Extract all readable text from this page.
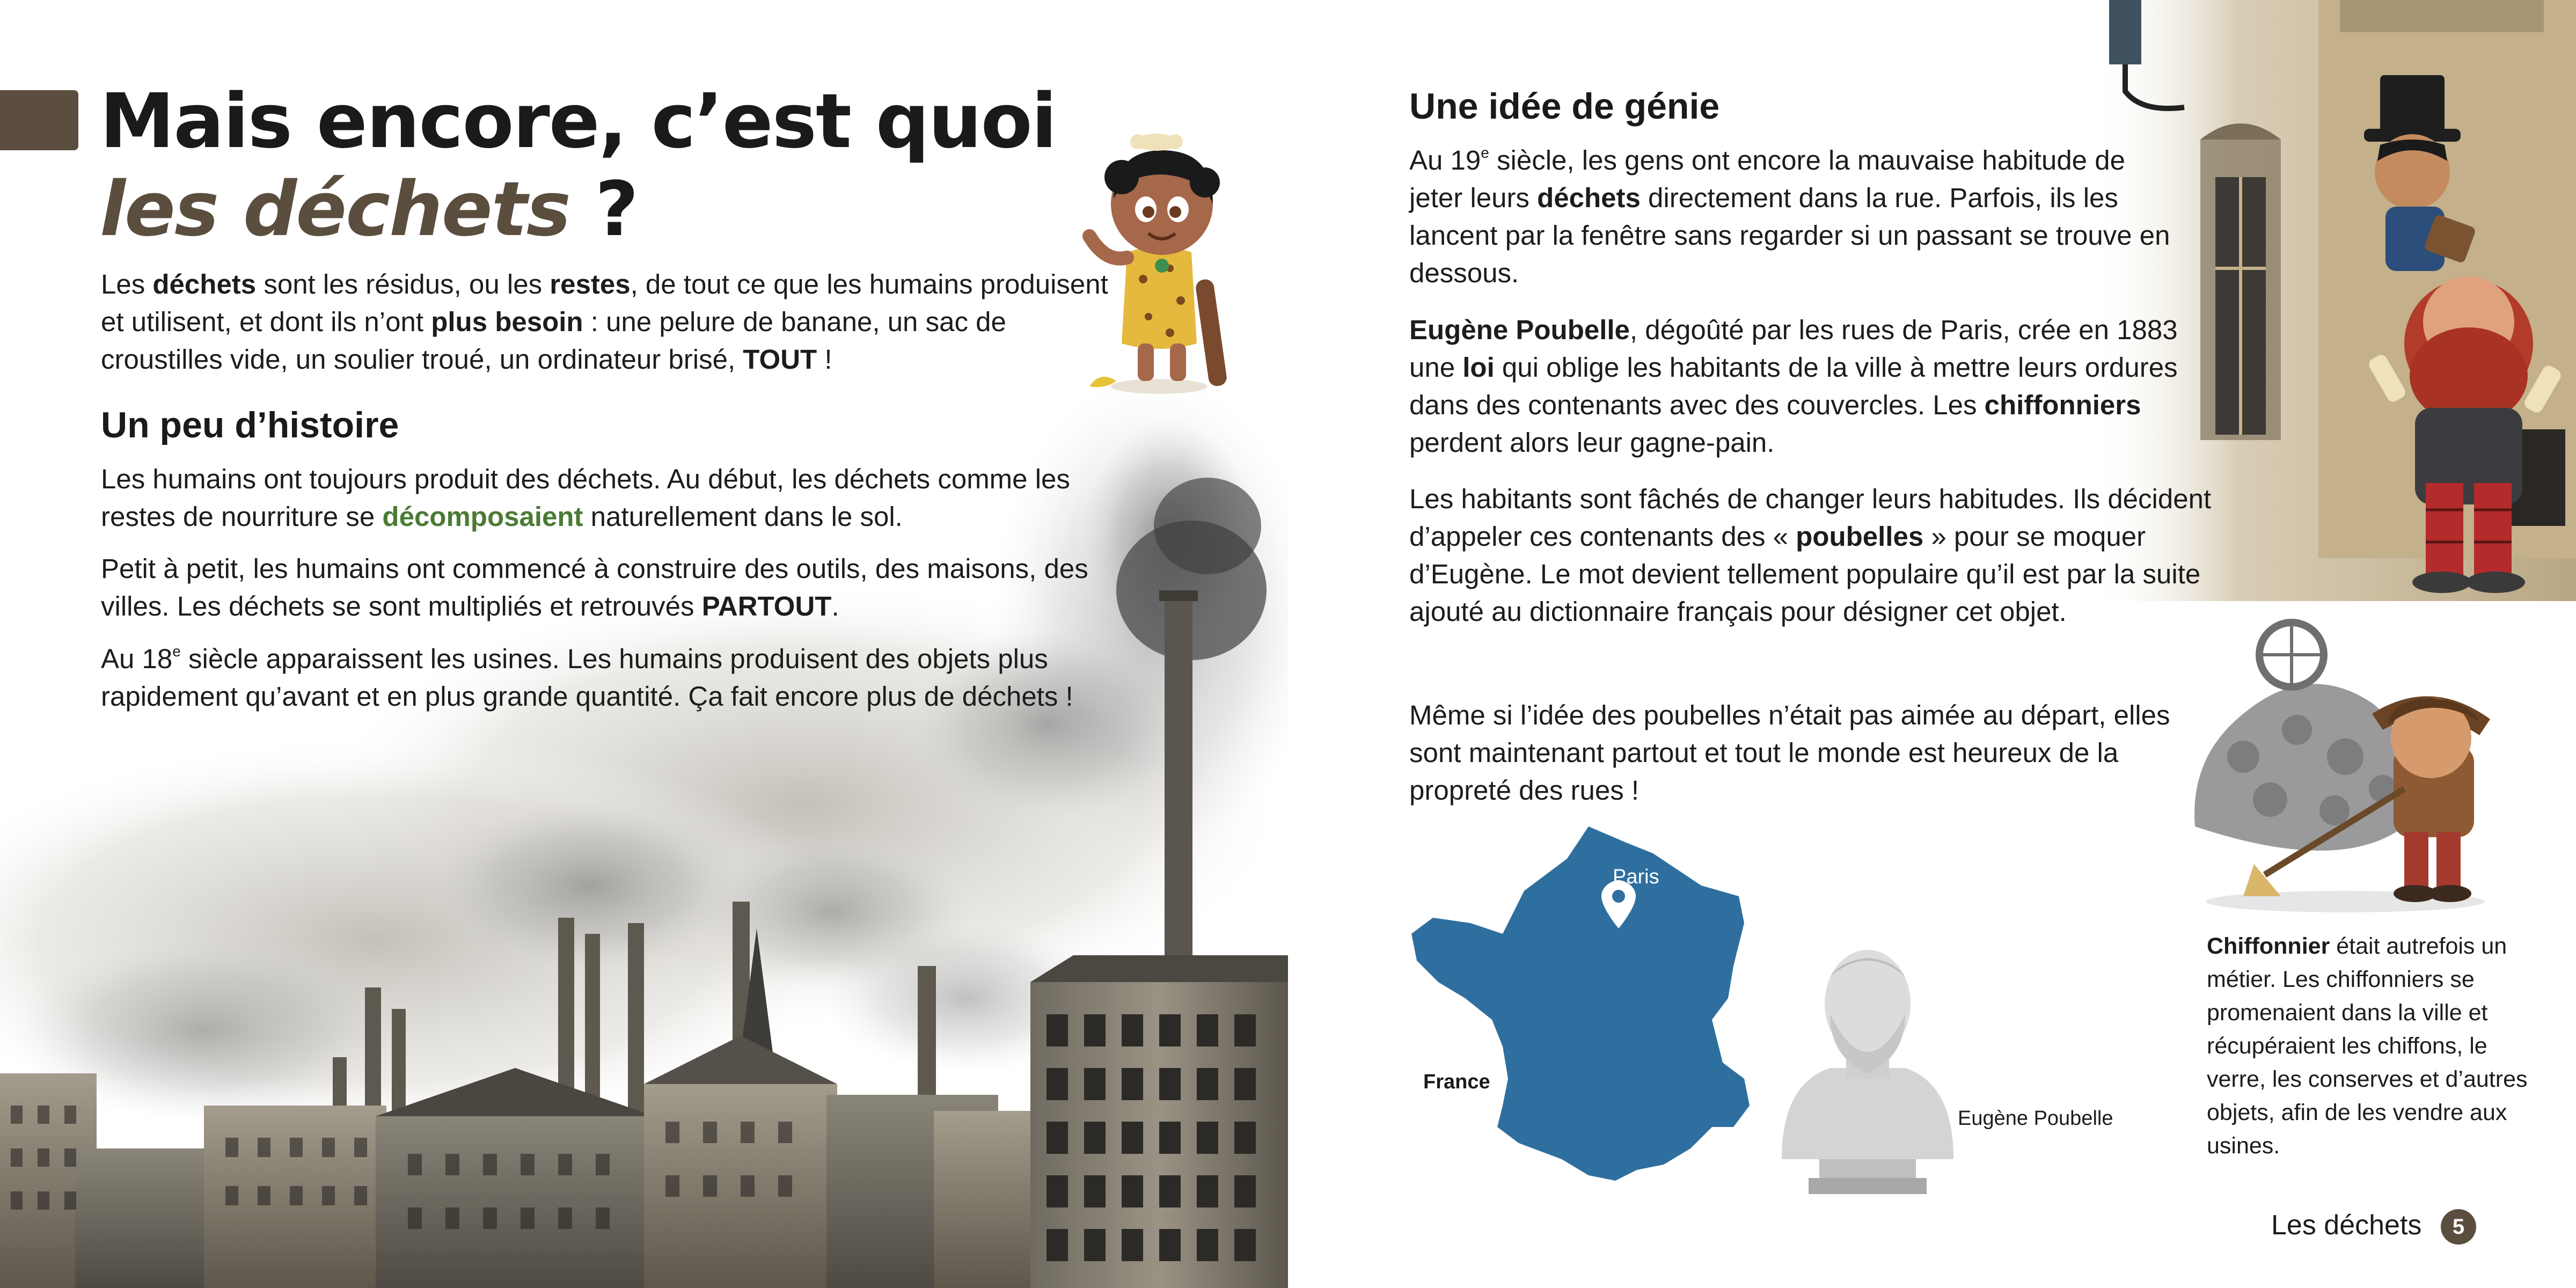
Mais encore, c’est quoi
les déchets ?

Les déchets sont les résidus, ou les restes, de tout ce que les humains produisent et utilisent, et dont ils n’ont plus besoin : une pelure de banane, un sac de croustilles vide, un soulier troué, un ordinateur brisé, TOUT !

Un peu d’histoire

Les humains ont toujours produit des déchets. Au début, les déchets comme les restes de nourriture se décomposaient naturellement dans le sol.

Petit à petit, les humains ont commencé à construire des outils, des maisons, des villes. Les déchets se sont multipliés et retrouvés PARTOUT.

Au 18e siècle apparaissent les usines. Les humains produisent des objets plus rapidement qu’avant et en plus grande quantité. Ça fait encore plus de déchets !

Une idée de génie

Au 19e siècle, les gens ont encore la mauvaise habitude de jeter leurs déchets directement dans la rue. Parfois, ils les lancent par la fenêtre sans regarder si un passant se trouve en dessous.

Eugène Poubelle, dégoûté par les rues de Paris, crée en 1883 une loi qui oblige les habitants de la ville à mettre leurs ordures dans des contenants avec des couvercles. Les chiffonniers perdent alors leur gagne-pain.

Les habitants sont fâchés de changer leurs habitudes. Ils décident d’appeler ces contenants des « poubelles » pour se moquer d’Eugène. Le mot devient tellement populaire qu’il est par la suite ajouté au dictionnaire français pour désigner cet objet.

Même si l’idée des poubelles n’était pas aimée au départ, elles sont maintenant partout et tout le monde est heureux de la propreté des rues !

Paris
France
Eugène Poubelle

Chiffonnier était autrefois un métier. Les chiffonniers se promenaient dans la ville et récupéraient les chiffons, le verre, les conserves et d’autres objets, afin de les vendre aux usines.

Les déchets	5
